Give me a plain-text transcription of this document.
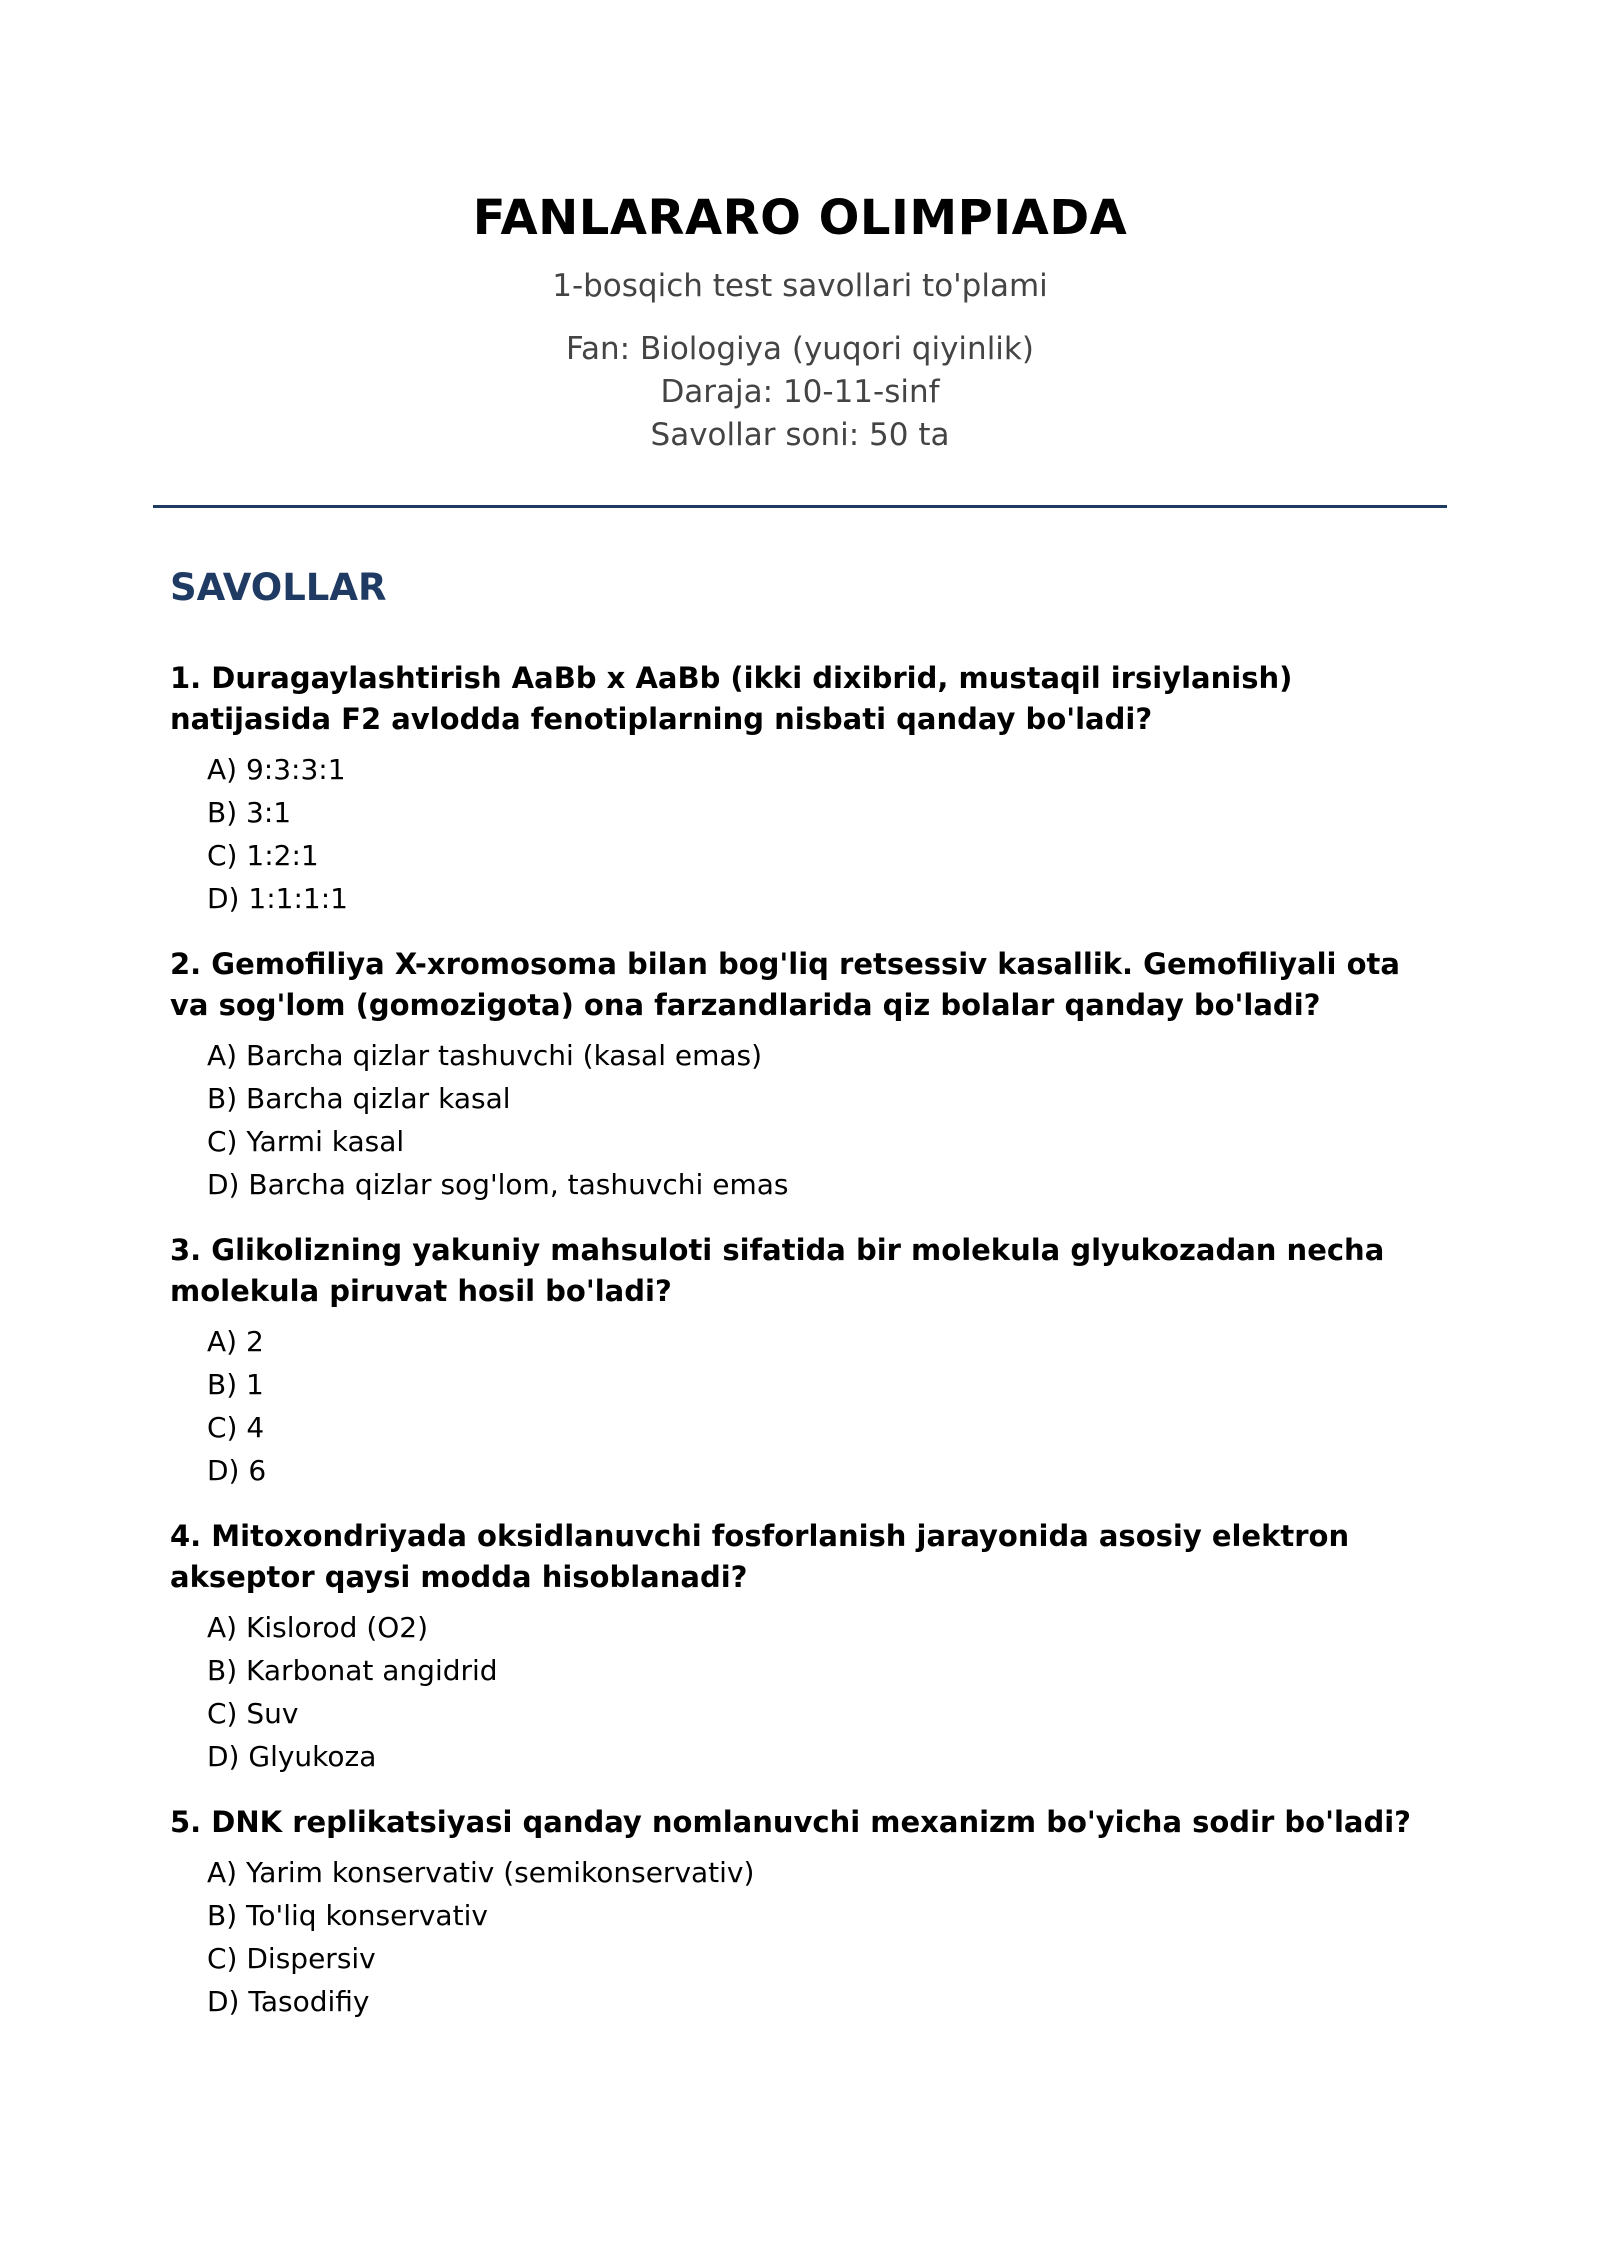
FANLARARO OLIMPIADA

1-bosqich test savollari to'plami

Fan: Biologiya (yuqori qiyinlik)
Daraja: 10-11-sinf
Savollar soni: 50 ta
SAVOLLAR

1. Duragaylashtirish AaBb x AaBb (ikki dixibrid, mustaqil irsiylanish) natijasida F2 avlodda fenotiplarning nisbati qanday bo'ladi?

A) 9:3:3:1
B) 3:1
C) 1:2:1
D) 1:1:1:1

2. Gemofiliya X-xromosoma bilan bog'liq retsessiv kasallik. Gemofiliyali ota va sog'lom (gomozigota) ona farzandlarida qiz bolalar qanday bo'ladi?

A) Barcha qizlar tashuvchi (kasal emas)
B) Barcha qizlar kasal
C) Yarmi kasal
D) Barcha qizlar sog'lom, tashuvchi emas

3. Glikolizning yakuniy mahsuloti sifatida bir molekula glyukozadan necha molekula piruvat hosil bo'ladi?

A) 2
B) 1
C) 4
D) 6

4. Mitoxondriyada oksidlanuvchi fosforlanish jarayonida asosiy elektron akseptor qaysi modda hisoblanadi?

A) Kislorod (O2)
B) Karbonat angidrid
C) Suv
D) Glyukoza

5. DNK replikatsiyasi qanday nomlanuvchi mexanizm bo'yicha sodir bo'ladi?

A) Yarim konservativ (semikonservativ)
B) To'liq konservativ
C) Dispersiv
D) Tasodifiy
